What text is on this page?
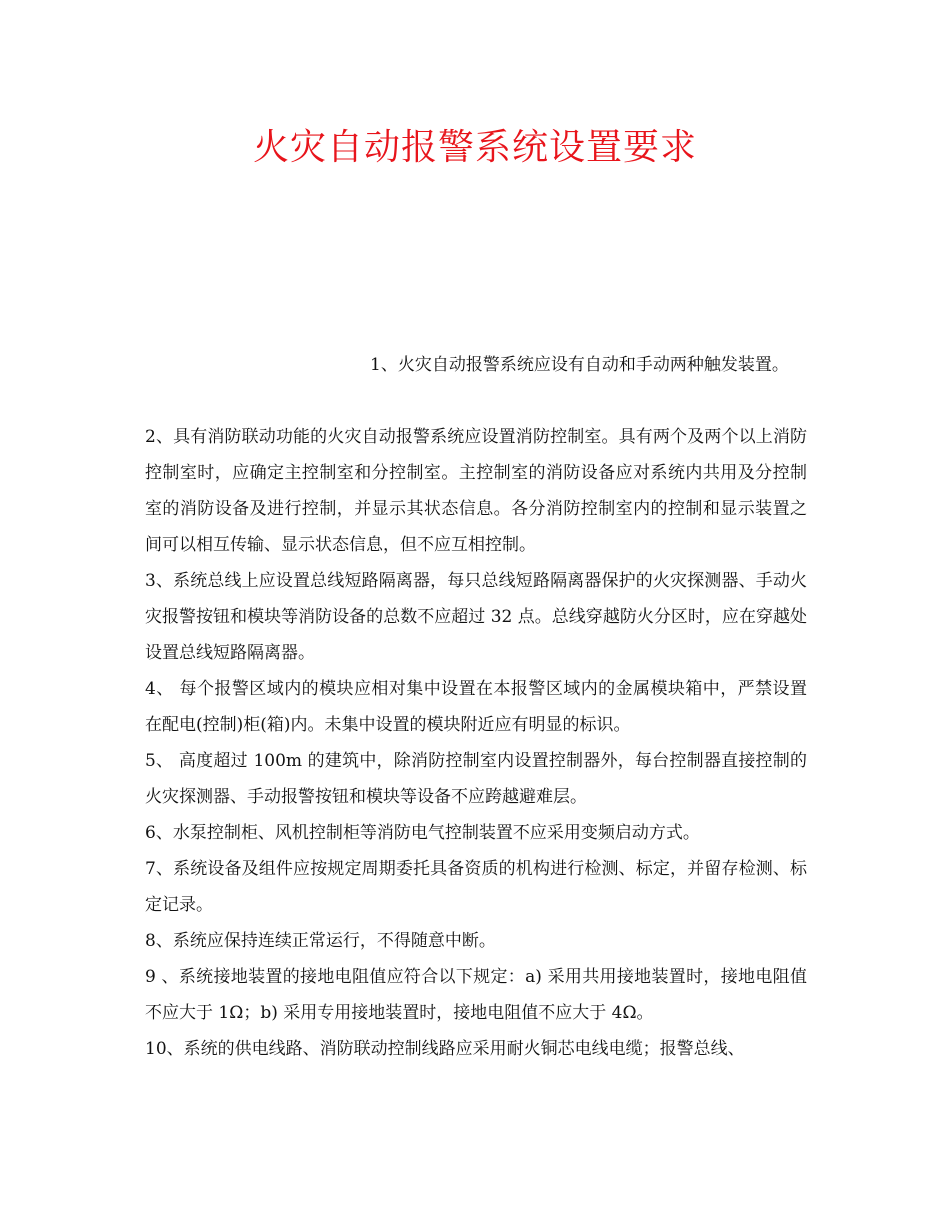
火灾自动报警系统设置要求

1、火灾自动报警系统应设有自动和手动两种触发装置。

2、具有消防联动功能的火灾自动报警系统应设置消防控制室。具有两个及两个以上消防控制室时，应确定主控制室和分控制室。主控制室的消防设备应对系统内共用及分控制室的消防设备及进行控制，并显示其状态信息。各分消防控制室内的控制和显示装置之间可以相互传输、显示状态信息，但不应互相控制。

3、系统总线上应设置总线短路隔离器，每只总线短路隔离器保护的火灾探测器、手动火灾报警按钮和模块等消防设备的总数不应超过 32 点。总线穿越防火分区时，应在穿越处设置总线短路隔离器。

4、 每个报警区域内的模块应相对集中设置在本报警区域内的金属模块箱中，严禁设置在配电(控制)柜(箱)内。未集中设置的模块附近应有明显的标识。

5、 高度超过 100m 的建筑中，除消防控制室内设置控制器外，每台控制器直接控制的火灾探测器、手动报警按钮和模块等设备不应跨越避难层。

6、水泵控制柜、风机控制柜等消防电气控制装置不应采用变频启动方式。

7、系统设备及组件应按规定周期委托具备资质的机构进行检测、标定，并留存检测、标定记录。

8、系统应保持连续正常运行，不得随意中断。

9 、系统接地装置的接地电阻值应符合以下规定：a) 采用共用接地装置时，接地电阻值不应大于 1Ω；b) 采用专用接地装置时，接地电阻值不应大于 4Ω。

10、系统的供电线路、消防联动控制线路应采用耐火铜芯电线电缆；报警总线、
